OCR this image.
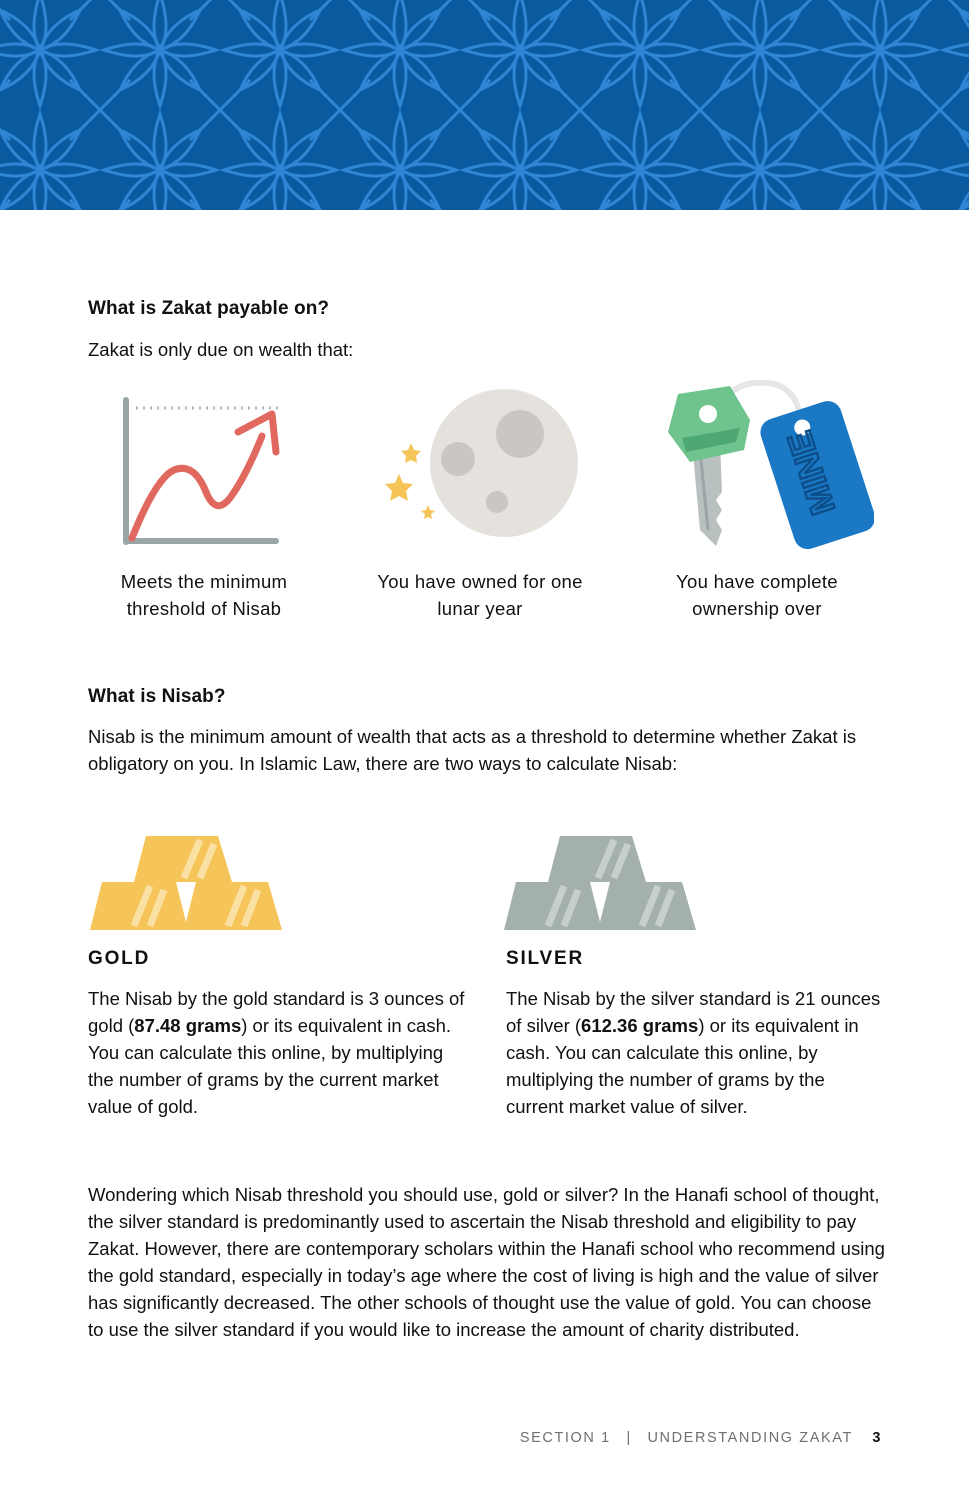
What is Zakat payable on?

Zakat is only due on wealth that:

MINE
Meets the minimum
threshold of Nisab
You have owned for one
lunar year
You have complete
ownership over
What is Nisab?

Nisab is the minimum amount of wealth that acts as a threshold to determine whether Zakat is obligatory on you. In Islamic Law, there are two ways to calculate Nisab:

GOLD
The Nisab by the gold standard is 3 ounces of gold (87.48 grams) or its equivalent in cash. You can calculate this online, by multiplying the number of grams by the current market value of gold.
SILVER
The Nisab by the silver standard is 21 ounces of silver (612.36 grams) or its equivalent in cash. You can calculate this online, by multiplying the number of grams by the current market value of silver.

Wondering which Nisab threshold you should use, gold or silver? In the Hanafi school of thought, the silver standard is predominantly used to ascertain the Nisab threshold and eligibility to pay Zakat. However, there are contemporary scholars within the Hanafi school who recommend using the gold standard, especially in today’s age where the cost of living is high and the value of silver has significantly decreased. The other schools of thought use the value of gold. You can choose to use the silver standard if you would like to increase the amount of charity distributed.

SECTION 1 | UNDERSTANDING ZAKAT 3
